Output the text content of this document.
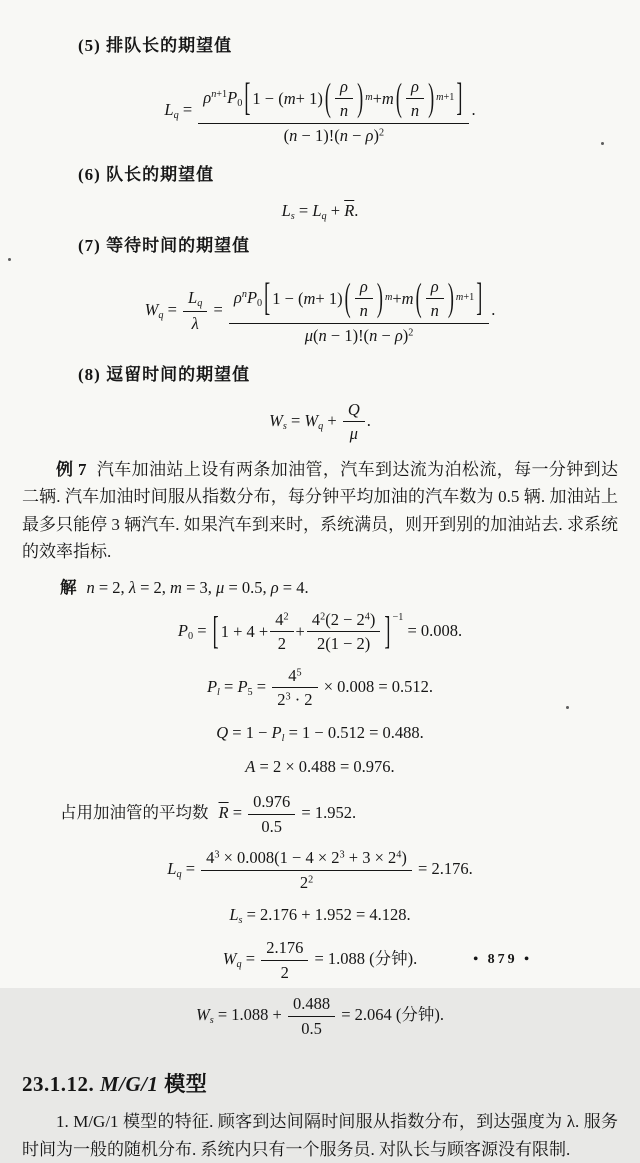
(5) 排队长的期望值
$L_q = \frac{\rho^{n+1}P_0 [ 1 - ( m + 1) ( \frac{\rho}{n} ) m + m ( \frac{\rho}{n} ) m+1 ]}{(n - 1)!(n - \rho)^2}$ .
(6) 队长的期望值
$L_s = L_q + \overline{R}$.
(7) 等待时间的期望值
$W_q = \frac{L_q}{\lambda} = \frac{\rho^nP_0 [ 1 - ( m + 1) ( \frac{\rho}{n} ) m + m ( \frac{\rho}{n} ) m+1 ]}{\mu(n - 1)!(n - \rho)^2}$ .
(8) 逗留时间的期望值
$W_s = W_q + \frac{Q}{\mu}$ .

例 7 汽车加油站上设有两条加油管，汽车到达流为泊松流，每一分钟到达二辆. 汽车加油时间服从指数分布，每分钟平均加油的汽车数为 0.5 辆. 加油站上最多只能停 3 辆汽车. 如果汽车到来时，系统满员，则开到别的加油站去. 求系统的效率指标.

解 n = 2, λ = 2, m = 3, μ = 0.5, ρ = 4.
$P_0$ = [ $1 + 4 + \frac{4^2}{2} + \frac{4^2(2 - 2^4)}{2(1 - 2)}$ ] $^{-1}$ = 0.008.
$P_l = P_5 = \frac{4^5}{2^3 \cdot 2} \times 0.008 = 0.512$.
$Q = 1 - P_l = 1 - 0.512 = 0.488$.
A = 2 × 0.488 = 0.976.
占用加油管的平均数 $\overline{R} = \frac{0.976}{0.5} = 1.952$.
$L_q = \frac{4^3 \times 0.008(1 - 4 \times 2^3 + 3 \times 2^4)}{2^2} = 2.176$.
$L_s = 2.176 + 1.952 = 4.128$.
$W_q = \frac{2.176}{2} = 1.088$ (分钟).
$W_s = 1.088 + \frac{0.488}{0.5} = 2.064$ (分钟).
23.1.12. M/G/1 模型

1. M/G/1 模型的特征. 顾客到达间隔时间服从指数分布，到达强度为 λ. 服务时间为一般的随机分布. 系统内只有一个服务员. 对队长与顾客源没有限制.

• 879 •
